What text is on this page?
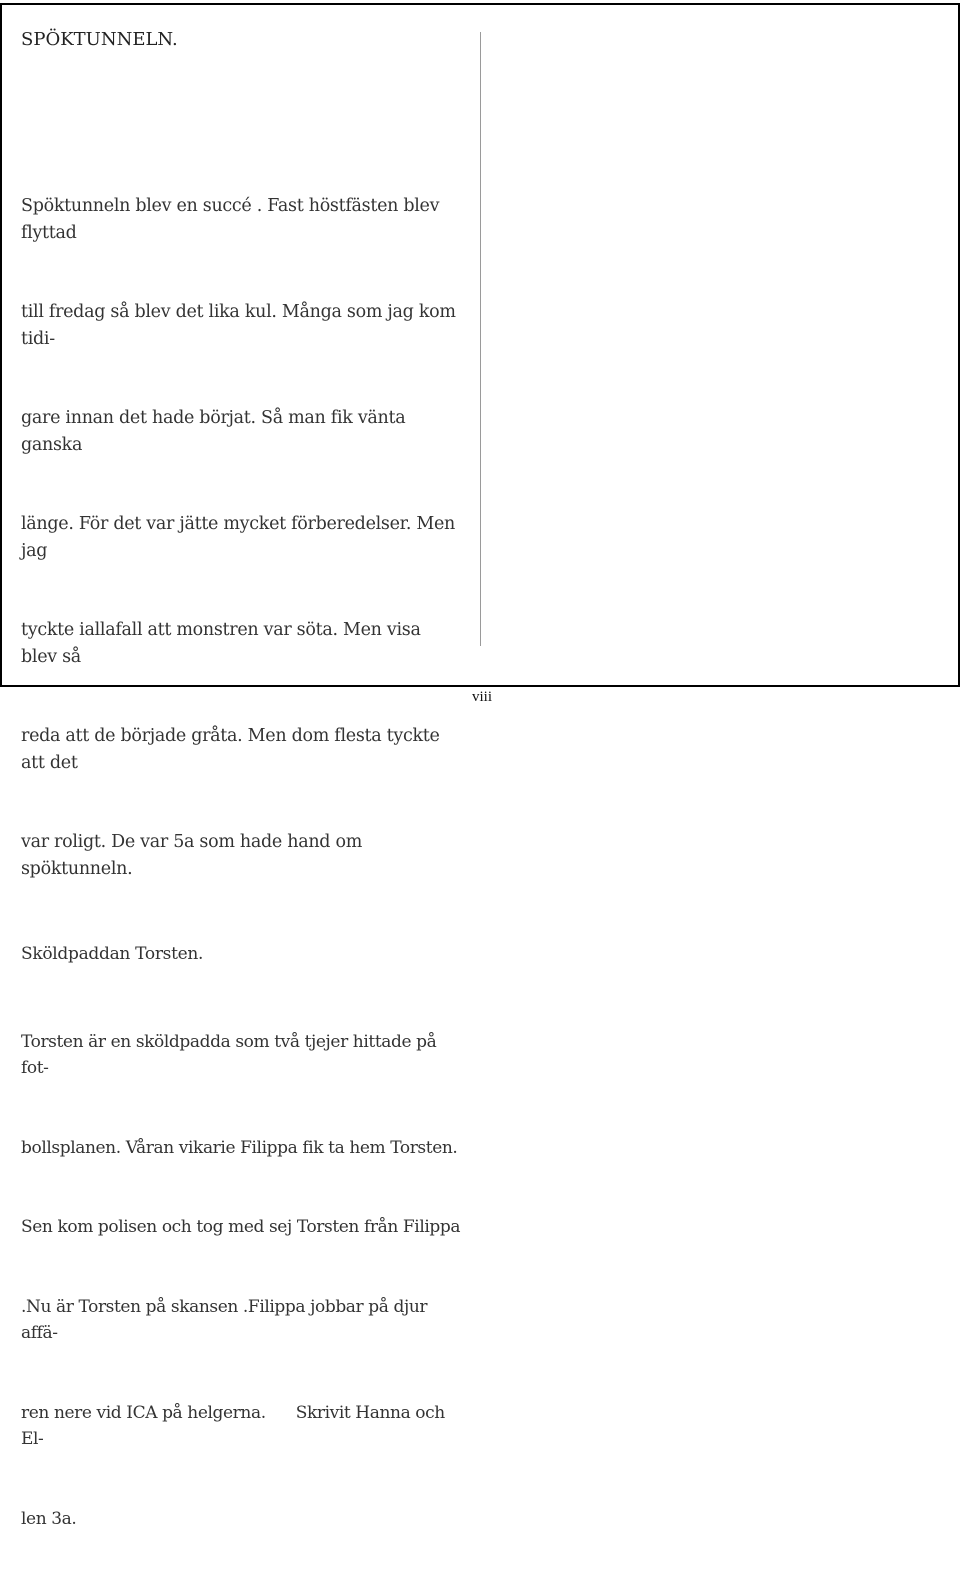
SPÖKTUNNELN.

Spöktunneln blev en succé . Fast höstfästen blev flyttad

till fredag så blev det lika kul. Många som jag kom tidi-

gare innan det hade börjat. Så man fik vänta ganska

länge. För det var jätte mycket förberedelser. Men jag

tyckte iallafall att monstren var söta. Men visa blev så

reda att de började gråta. Men dom flesta tyckte att det

var roligt. De var 5a som hade hand om spöktunneln.

Sköldpaddan Torsten.

Torsten är en sköldpadda som två tjejer hittade på fot-

bollsplanen. Våran vikarie Filippa fik ta hem Torsten.

Sen kom polisen och tog med sej Torsten från Filippa

.Nu är Torsten på skansen .Filippa jobbar på djur affä-

ren nere vid ICA på helgerna.      Skrivit Hanna och El-

len 3a.

viii
